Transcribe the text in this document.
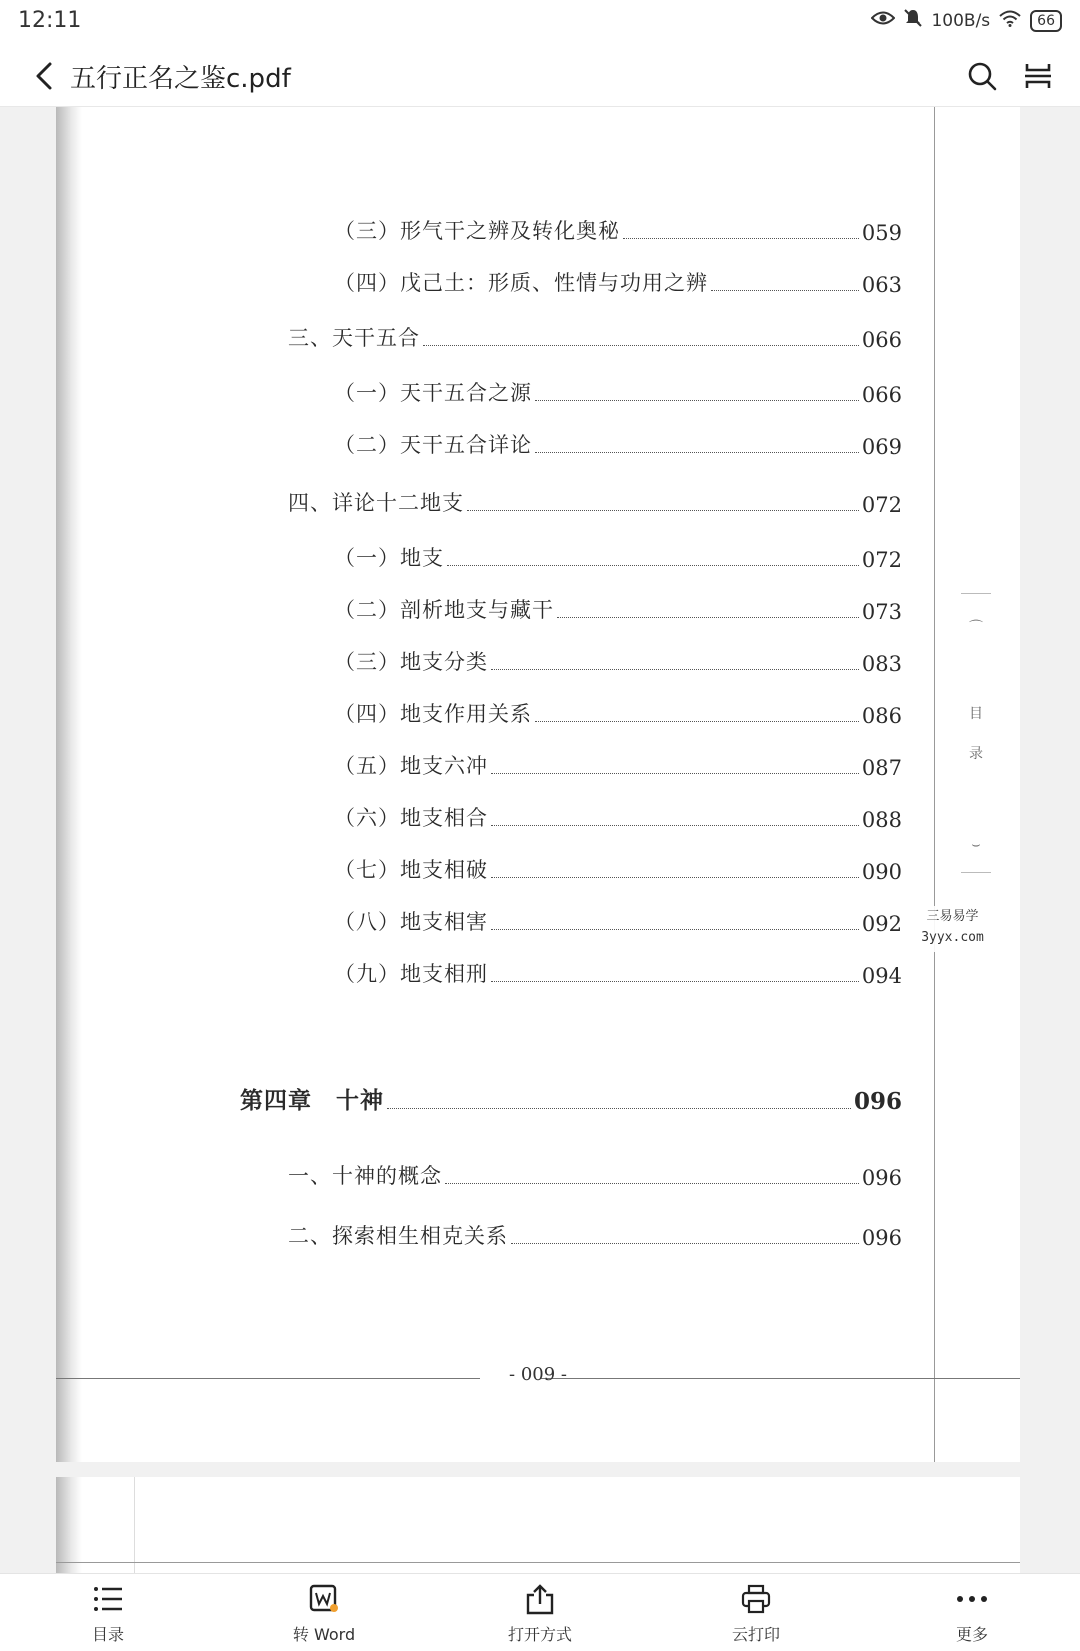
12:11	100B/s	66
五行正名之鉴c.pdf
（三）形气干之辨及转化奥秘	059
（四）戊己土：形质、性情与功用之辨	063
三、天干五合	066
（一）天干五合之源	066
（二）天干五合详论	069
四、详论十二地支	072
（一）地支	072
（二）剖析地支与藏干	073
（三）地支分类	083
（四）地支作用关系	086
（五）地支六冲	087
（六）地支相合	088
（七）地支相破	090
（八）地支相害	092
（九）地支相刑	094
第四章　十神	096
一、十神的概念	096
二、探索相生相克关系	096
- 009 -
⌒
目
录
⌣
三易易学
3yyx.com
目录	转 Word	打开方式	云打印	更多
